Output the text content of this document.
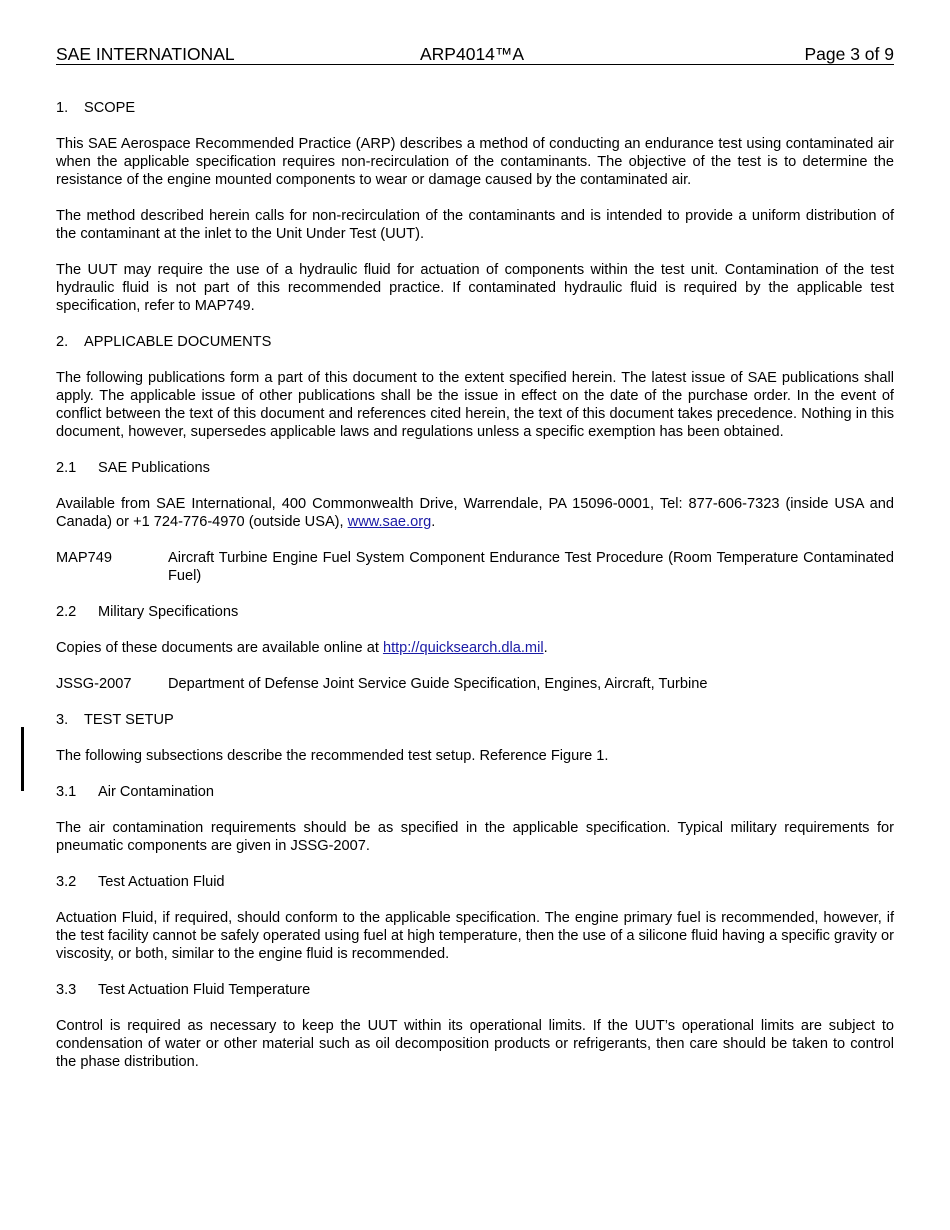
SAE INTERNATIONAL	ARP4014™A	Page 3 of 9
1.	SCOPE

This SAE Aerospace Recommended Practice (ARP) describes a method of conducting an endurance test using contaminated air when the applicable specification requires non-recirculation of the contaminants. The objective of the test is to determine the resistance of the engine mounted components to wear or damage caused by the contaminated air.

The method described herein calls for non-recirculation of the contaminants and is intended to provide a uniform distribution of the contaminant at the inlet to the Unit Under Test (UUT).

The UUT may require the use of a hydraulic fluid for actuation of components within the test unit. Contamination of the test hydraulic fluid is not part of this recommended practice. If contaminated hydraulic fluid is required by the applicable test specification, refer to MAP749.

2.	APPLICABLE DOCUMENTS

The following publications form a part of this document to the extent specified herein. The latest issue of SAE publications shall apply. The applicable issue of other publications shall be the issue in effect on the date of the purchase order. In the event of conflict between the text of this document and references cited herein, the text of this document takes precedence. Nothing in this document, however, supersedes applicable laws and regulations unless a specific exemption has been obtained.

2.1	SAE Publications

Available from SAE International, 400 Commonwealth Drive, Warrendale, PA 15096-0001, Tel: 877-606-7323 (inside USA and Canada) or +1 724-776-4970 (outside USA), www.sae.org.

MAP749	Aircraft Turbine Engine Fuel System Component Endurance Test Procedure (Room Temperature Contaminated Fuel)
2.2	Military Specifications

Copies of these documents are available online at http://quicksearch.dla.mil.

JSSG-2007	Department of Defense Joint Service Guide Specification, Engines, Aircraft, Turbine
3.	TEST SETUP

The following subsections describe the recommended test setup. Reference Figure 1.

3.1	Air Contamination

The air contamination requirements should be as specified in the applicable specification. Typical military requirements for pneumatic components are given in JSSG-2007.

3.2	Test Actuation Fluid

Actuation Fluid, if required, should conform to the applicable specification. The engine primary fuel is recommended, however, if the test facility cannot be safely operated using fuel at high temperature, then the use of a silicone fluid having a specific gravity or viscosity, or both, similar to the engine fluid is recommended.

3.3	Test Actuation Fluid Temperature

Control is required as necessary to keep the UUT within its operational limits. If the UUT’s operational limits are subject to condensation of water or other material such as oil decomposition products or refrigerants, then care should be taken to control the phase distribution.
